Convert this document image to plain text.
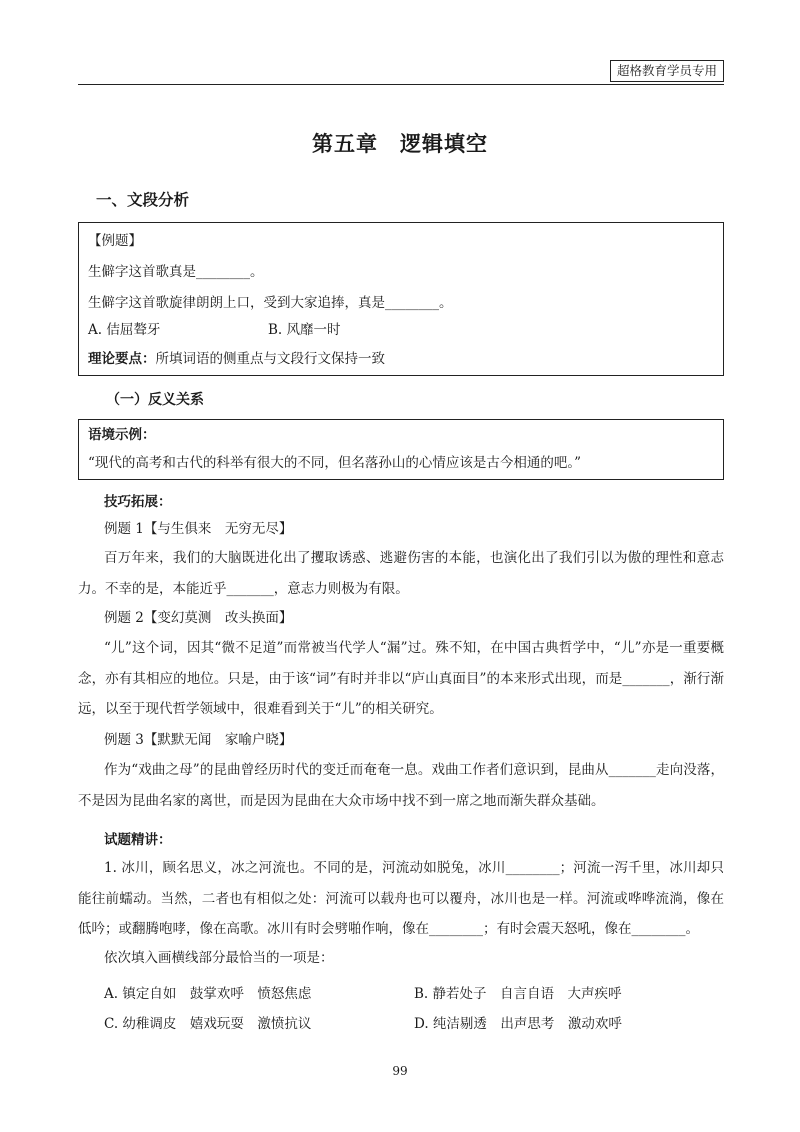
超格教育学员专用
第五章　逻辑填空
一、文段分析
【例题】
生僻字这首歌真是________。
生僻字这首歌旋律朗朗上口，受到大家追捧，真是________。
A. 佶屈聱牙	B. 风靡一时
理论要点：所填词语的侧重点与文段行文保持一致
（一）反义关系
语境示例：
“现代的高考和古代的科举有很大的不同，但名落孙山的心情应该是古今相通的吧。”
技巧拓展：
例题 1【与生俱来　无穷无尽】
百万年来，我们的大脑既进化出了攫取诱惑、逃避伤害的本能，也演化出了我们引以为傲的理性和意志力。不幸的是，本能近乎_______，意志力则极为有限。
例题 2【变幻莫测　改头换面】
“儿”这个词，因其“微不足道”而常被当代学人“漏”过。殊不知，在中国古典哲学中，“儿”亦是一重要概念，亦有其相应的地位。只是，由于该“词”有时并非以“庐山真面目”的本来形式出现，而是_______，渐行渐远，以至于现代哲学领域中，很难看到关于“儿”的相关研究。
例题 3【默默无闻　家喻户晓】
作为“戏曲之母”的昆曲曾经历时代的变迁而奄奄一息。戏曲工作者们意识到，昆曲从_______走向没落，不是因为昆曲名家的离世，而是因为昆曲在大众市场中找不到一席之地而渐失群众基础。
试题精讲：
1. 冰川，顾名思义，冰之河流也。不同的是，河流动如脱兔，冰川________；河流一泻千里，冰川却只能往前蠕动。当然，二者也有相似之处：河流可以载舟也可以覆舟，冰川也是一样。河流或哗哗流淌，像在低吟；或翻腾咆哮，像在高歌。冰川有时会劈啪作响，像在________；有时会震天怒吼，像在________。
依次填入画横线部分最恰当的一项是：
A. 镇定自如　鼓掌欢呼　愤怒焦虑	B. 静若处子　自言自语　大声疾呼
C. 幼稚调皮　嬉戏玩耍　激愤抗议	D. 纯洁剔透　出声思考　激动欢呼
99
